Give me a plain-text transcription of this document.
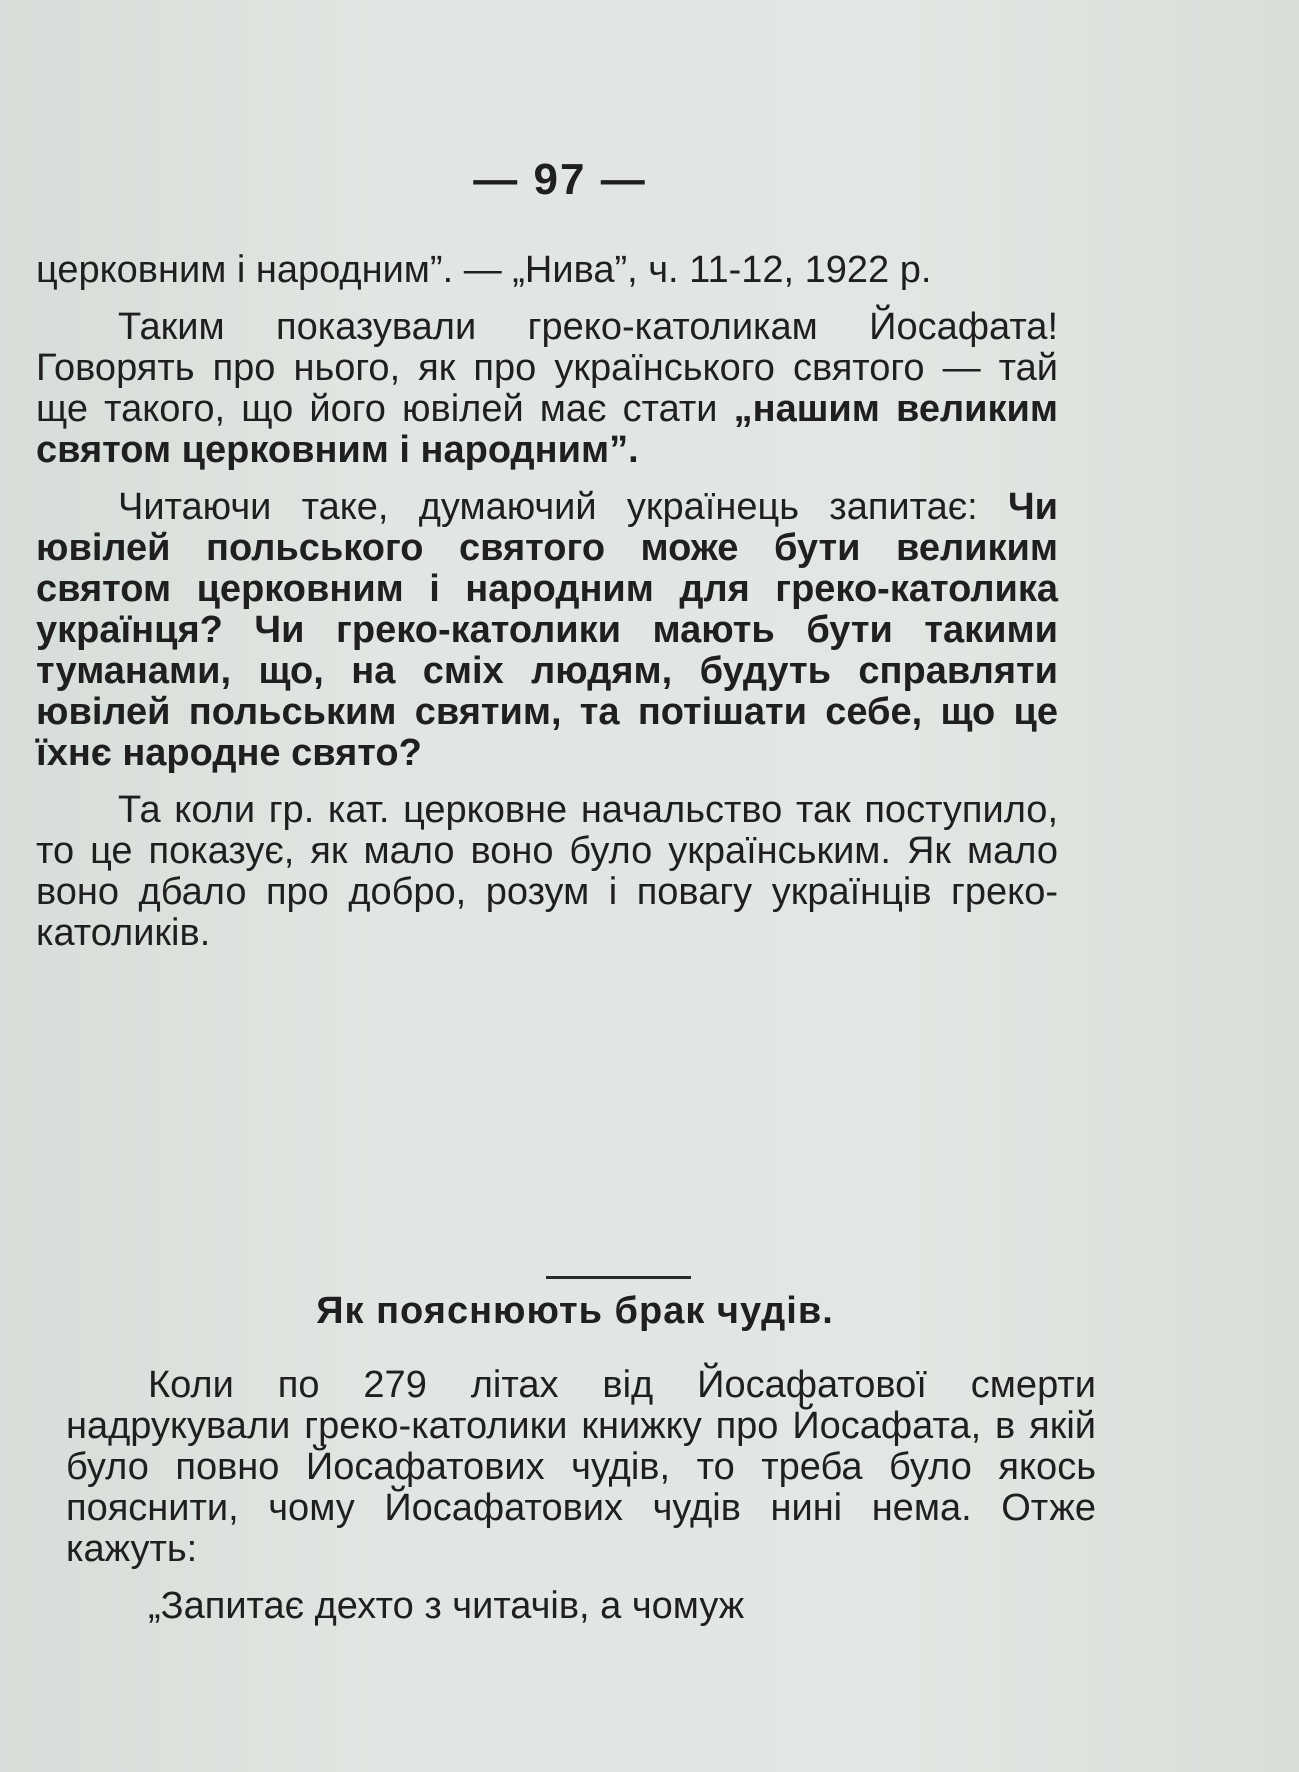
— 97 —

церковним і народним”. — „Нива”, ч. 11-12, 1922 р.

Таким показували греко-католикам Йосафата! Говорять про нього, як про українського святого — тай ще такого, що його ювілей має стати „нашим великим святом церковним і народним”.

Читаючи таке, думаючий українець запитає: Чи ювілей польського святого може бути великим святом церковним і народним для греко-католика українця? Чи греко-католики мають бути такими туманами, що, на сміх людям, будуть справляти ювілей польським святим, та потішати себе, що це їхнє народне свято?

Та коли гр. кат. церковне начальство так поступило, то це показує, як мало воно було українським. Як мало воно дбало про добро, розум і повагу українців греко-католиків.

Як пояснюють брак чудів.

Коли по 279 літах від Йосафатової смерти надрукували греко-католики книжку про Йосафата, в якій було повно Йосафатових чудів, то треба було якось пояснити, чому Йосафатових чудів нині нема. Отже кажуть:

„Запитає дехто з читачів, а чомуж
